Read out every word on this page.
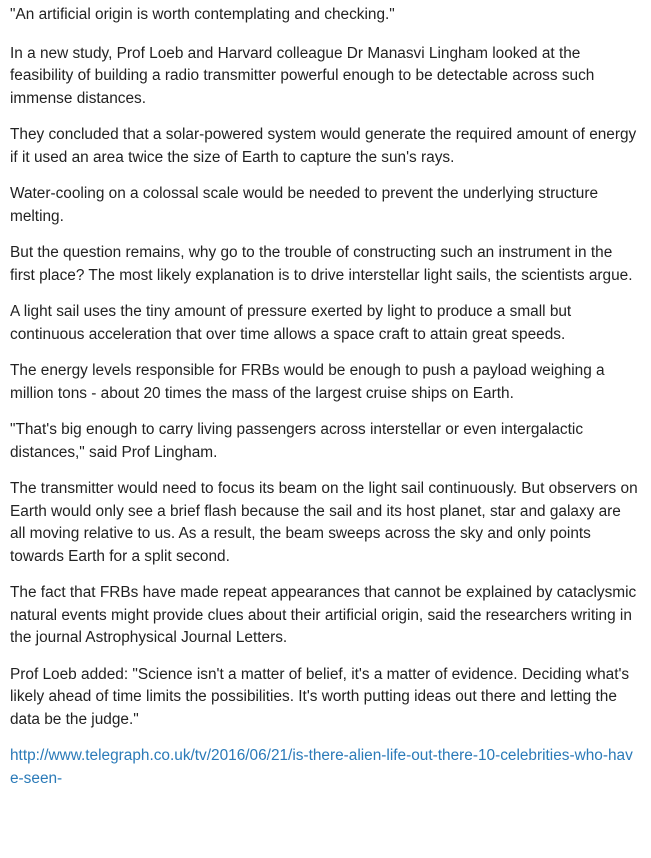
"An artificial origin is worth contemplating and checking."

In a new study, Prof Loeb and Harvard colleague Dr Manasvi Lingham looked at the feasibility of building a radio transmitter powerful enough to be detectable across such immense distances.

They concluded that a solar-powered system would generate the required amount of energy if it used an area twice the size of Earth to capture the sun's rays.

Water-cooling on a colossal scale would be needed to prevent the underlying structure melting.

But the question remains, why go to the trouble of constructing such an instrument in the first place? The most likely explanation is to drive interstellar light sails, the scientists argue.

A light sail uses the tiny amount of pressure exerted by light to produce a small but continuous acceleration that over time allows a space craft to attain great speeds.

The energy levels responsible for FRBs would be enough to push a payload weighing a million tons - about 20 times the mass of the largest cruise ships on Earth.

"That's big enough to carry living passengers across interstellar or even intergalactic distances," said Prof Lingham.

The transmitter would need to focus its beam on the light sail continuously. But observers on Earth would only see a brief flash because the sail and its host planet, star and galaxy are all moving relative to us. As a result, the beam sweeps across the sky and only points towards Earth for a split second.

The fact that FRBs have made repeat appearances that cannot be explained by cataclysmic natural events might provide clues about their artificial origin, said the researchers writing in the journal Astrophysical Journal Letters.

Prof Loeb added: "Science isn't a matter of belief, it's a matter of evidence. Deciding what's likely ahead of time limits the possibilities. It's worth putting ideas out there and letting the data be the judge."

http://www.telegraph.co.uk/tv/2016/06/21/is-there-alien-life-out-there-10-celebrities-who-have-seen-
